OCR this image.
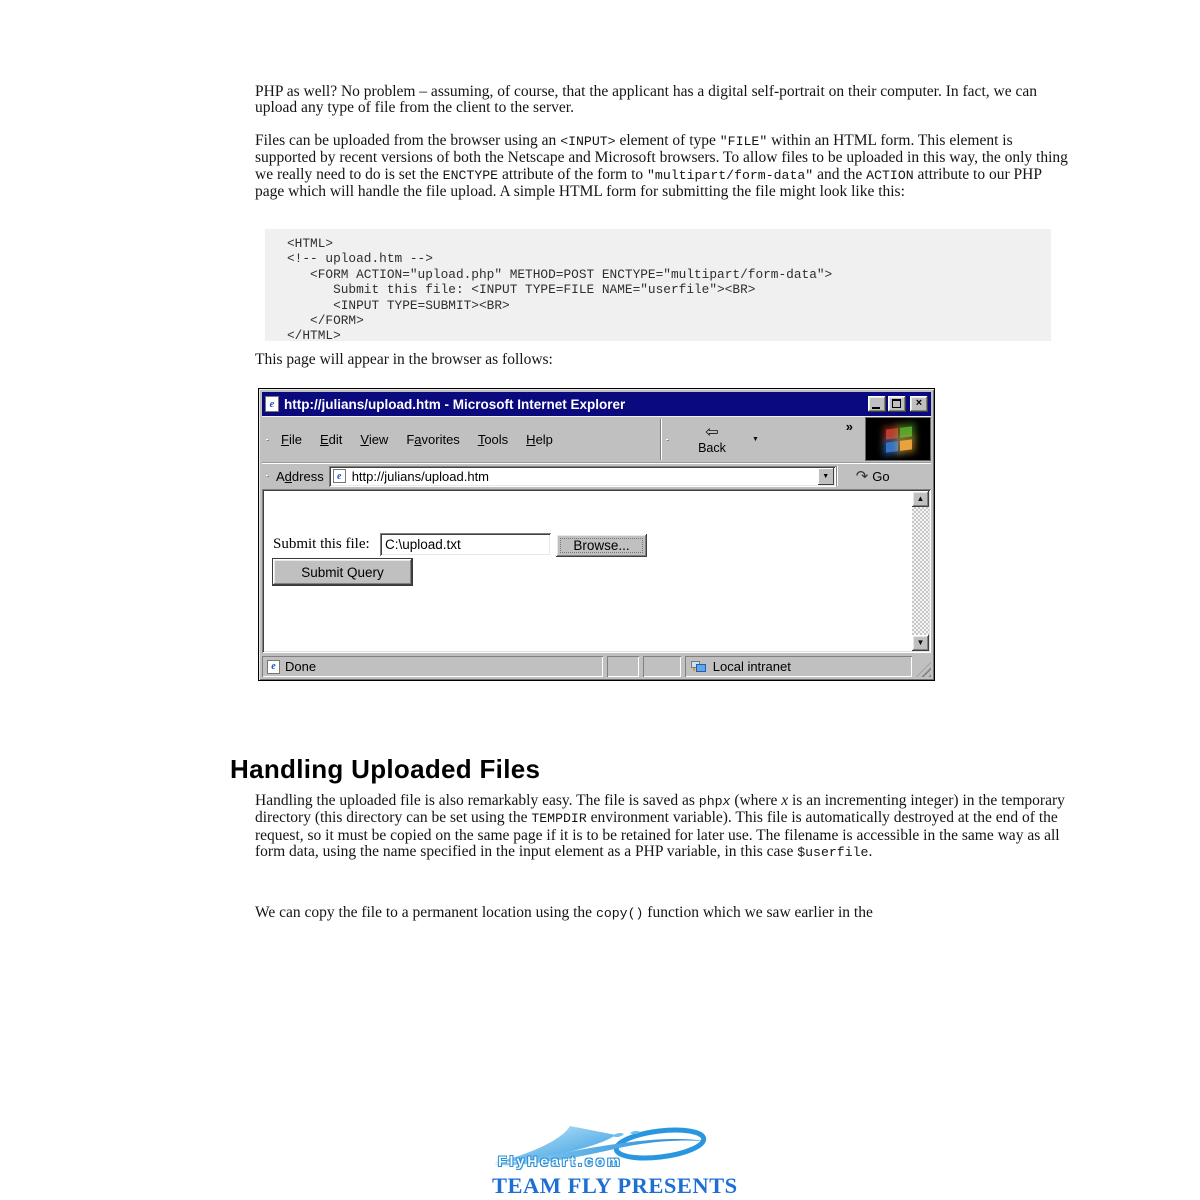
PHP as well? No problem – assuming, of course, that the applicant has a digital self-portrait on their computer. In fact, we can upload any type of file from the client to the server.

Files can be uploaded from the browser using an <INPUT> element of type "FILE" within an HTML form. This element is supported by recent versions of both the Netscape and Microsoft browsers. To allow files to be uploaded in this way, the only thing we really need to do is set the ENCTYPE attribute of the form to "multipart/form-data" and the ACTION attribute to our PHP page which will handle the file upload. A simple HTML form for submitting the file might look like this:

<HTML>
<!-- upload.htm -->
<FORM ACTION="upload.php" METHOD=POST ENCTYPE="multipart/form-data">
Submit this file: <INPUT TYPE=FILE NAME="userfile"><BR>
<INPUT TYPE=SUBMIT><BR>
</FORM>
</HTML>

This page will appear in the browser as follows:

e http://julians/upload.htm - Microsoft Internet Explorer	×
File Edit View Favorites Tools Help	⇦
Back
▼
»
Address	e http://julians/upload.htm	▼	↷ Go
Submit this file:
C:\upload.txt	Browse...
Submit Query
▲
▼
e Done	Local intranet
Handling Uploaded Files

Handling the uploaded file is also remarkably easy. The file is saved as phpx (where x is an incrementing integer) in the temporary directory (this directory can be set using the TEMPDIR environment variable). This file is automatically destroyed at the end of the request, so it must be copied on the same page if it is to be retained for later use. The filename is accessible in the same way as all form data, using the name specified in the input element as a PHP variable, in this case $userfile.

We can copy the file to a permanent location using the copy() function which we saw earlier in the

FlyHeart.com
TEAM FLY PRESENTS
